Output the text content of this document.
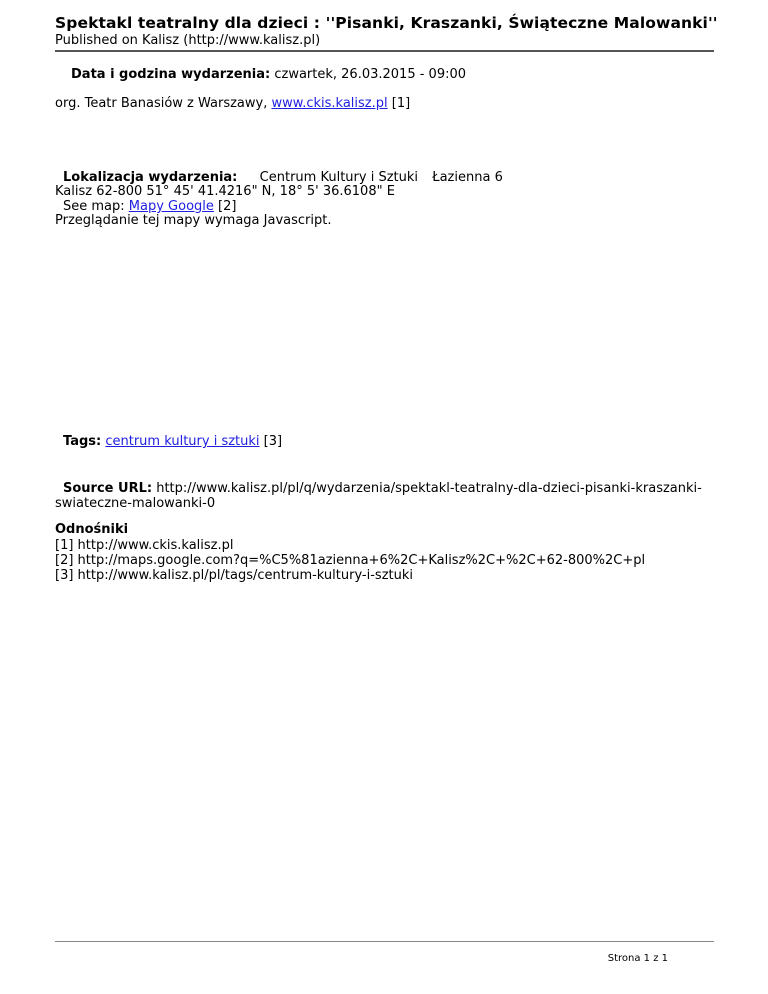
Spektakl teatralny dla dzieci : ''Pisanki, Kraszanki, Świąteczne Malowanki''
Published on Kalisz (http://www.kalisz.pl)
Data i godzina wydarzenia: czwartek, 26.03.2015 - 09:00
org. Teatr Banasiów z Warszawy, www.ckis.kalisz.pl [1]
Lokalizacja wydarzenia: Centrum Kultury i Sztuki Łazienna 6
Kalisz 62-800 51° 45' 41.4216" N, 18° 5' 36.6108" E
See map: Mapy Google [2]
Przeglądanie tej mapy wymaga Javascript.
Tags: centrum kultury i sztuki [3]
Source URL: http://www.kalisz.pl/pl/q/wydarzenia/spektakl-teatralny-dla-dzieci-pisanki-kraszanki-
swiateczne-malowanki-0
Odnośniki
[1] http://www.ckis.kalisz.pl
[2] http://maps.google.com?q=%C5%81azienna+6%2C+Kalisz%2C+%2C+62-800%2C+pl
[3] http://www.kalisz.pl/pl/tags/centrum-kultury-i-sztuki
Strona 1 z 1
